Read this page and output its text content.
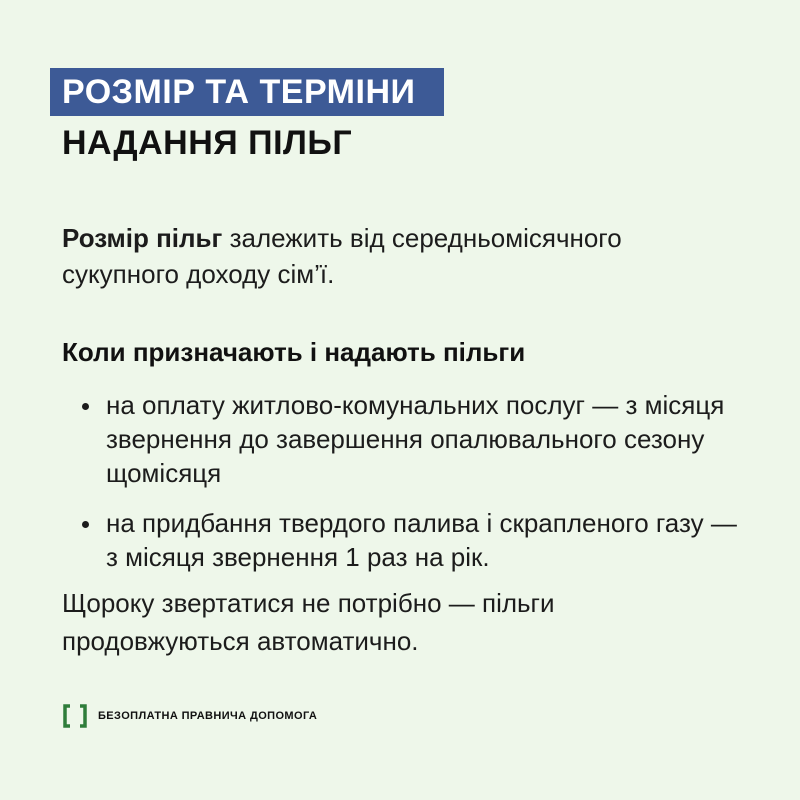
РОЗМІР ТА ТЕРМІНИ
НАДАННЯ ПІЛЬГ
Розмір пільг залежить від середньомісячного сукупного доходу сім’ї.
Коли призначають і надають пільги
на оплату житлово-комунальних послуг — з місяця звернення до завершення опалювального сезону щомісяця
на придбання твердого палива і скрапленого газу — з місяця звернення 1 раз на рік.
Щороку звертатися не потрібно — пільги продовжуються автоматично.
БЕЗОПЛАТНА ПРАВНИЧА ДОПОМОГА
